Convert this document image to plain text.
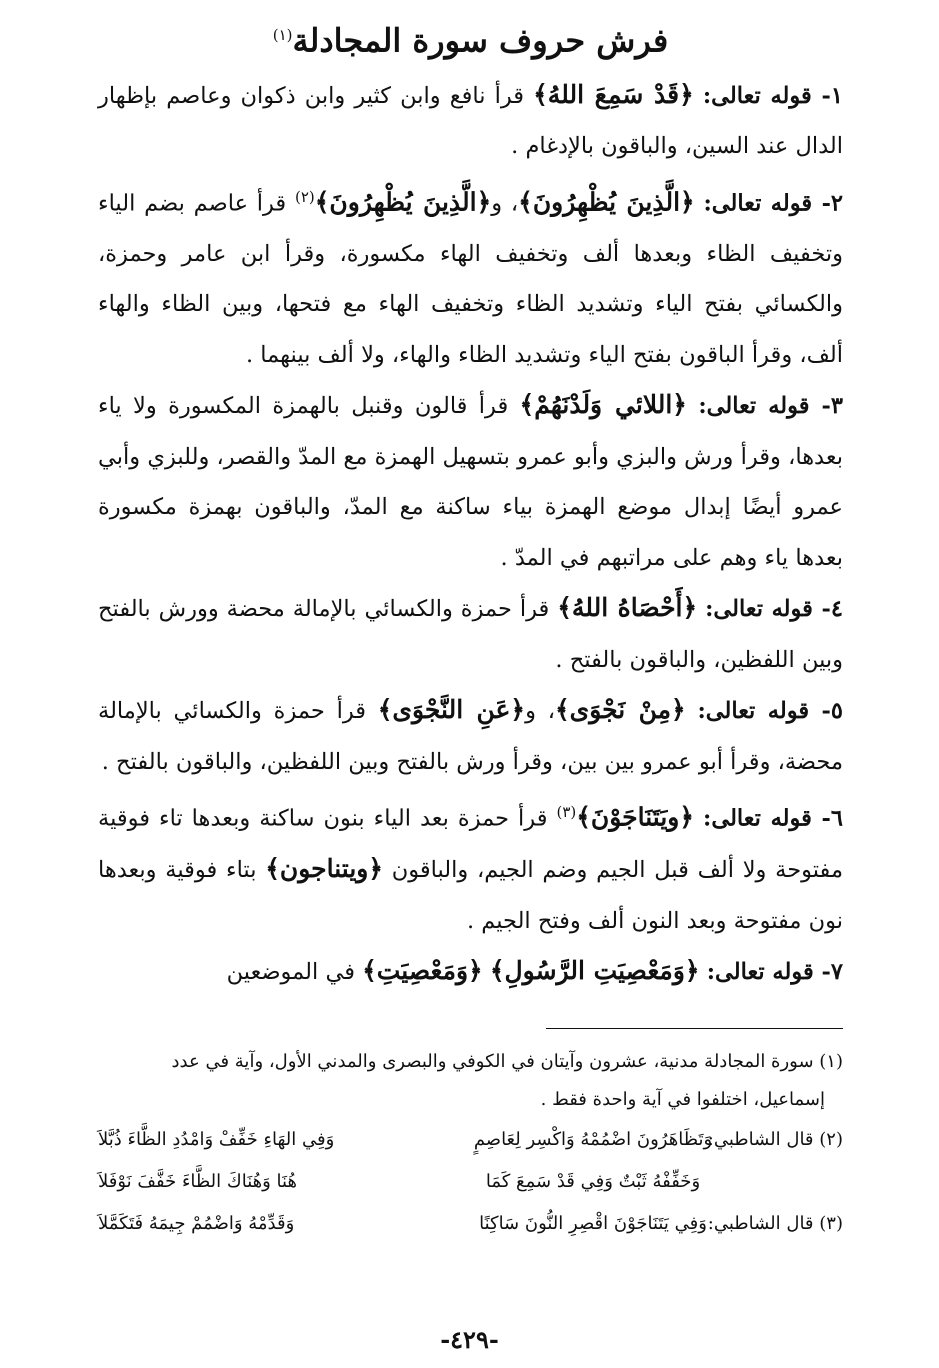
فرش حروف سورة المجادلة$^{(١)}$

١- قوله تعالى: ﴿قَدْ سَمِعَ اللهُ﴾ قرأ نافع وابن كثير وابن ذكوان وعاصم بإظهار الدال عند السين، والباقون بالإدغام .

٢- قوله تعالى: ﴿الَّذِينَ يُظْهِرُونَ﴾، و﴿الَّذِينَ يُظْهِرُونَ﴾$^{(٢)}$ قرأ عاصم بضم الياء وتخفيف الظاء وبعدها ألف وتخفيف الهاء مكسورة، وقرأ ابن عامر وحمزة، والكسائي بفتح الياء وتشديد الظاء وتخفيف الهاء مع فتحها، وبين الظاء والهاء ألف، وقرأ الباقون بفتح الياء وتشديد الظاء والهاء، ولا ألف بينهما .

٣- قوله تعالى: ﴿اللائي وَلَدْنَهُمْ﴾ قرأ قالون وقنبل بالهمزة المكسورة ولا ياء بعدها، وقرأ ورش والبزي وأبو عمرو بتسهيل الهمزة مع المدّ والقصر، وللبزي وأبي عمرو أيضًا إبدال موضع الهمزة بياء ساكنة مع المدّ، والباقون بهمزة مكسورة بعدها ياء وهم على مراتبهم في المدّ .

٤- قوله تعالى: ﴿أَحْصَاهُ اللهُ﴾ قرأ حمزة والكسائي بالإمالة محضة وورش بالفتح وبين اللفظين، والباقون بالفتح .

٥- قوله تعالى: ﴿مِنْ نَجْوَى﴾، و﴿عَنِ النَّجْوَى﴾ قرأ حمزة والكسائي بالإمالة محضة، وقرأ أبو عمرو بين بين، وقرأ ورش بالفتح وبين اللفظين، والباقون بالفتح .

٦- قوله تعالى: ﴿ويَتَنَاجَوْنَ﴾$^{(٣)}$ قرأ حمزة بعد الياء بنون ساكنة وبعدها تاء فوقية مفتوحة ولا ألف قبل الجيم وضم الجيم، والباقون ﴿ويتناجون﴾ بتاء فوقية وبعدها نون مفتوحة وبعد النون ألف وفتح الجيم .

٧- قوله تعالى: ﴿وَمَعْصِيَتِ الرَّسُولِ﴾ ﴿وَمَعْصِيَتِ﴾ في الموضعين

(١) سورة المجادلة مدنية، عشرون وآيتان في الكوفي والبصرى والمدني الأول، وآية في عدد

إسماعيل، اختلفوا في آية واحدة فقط .

(٢) قال الشاطبي:
وَتَظَاهَرُونَ اضْمُمْهُ وَاكْسِر لِعَاصِمٍ
وَفِي الهَاءِ خَفِّفْ وَامْدُدِ الظَّاءَ ذُبَّلاَ
وَخَفِّفْهُ ثَبْتٌ وَفِي قَدْ سَمِعَ كَمَا
هُنَا وَهُنَاكَ الظَّاءَ خَفَّفَ نَوْفَلاَ
(٣) قال الشاطبي:
وَفِي يَتَنَاجَوْنَ اقْصِرِ النُّونَ سَاكِنًا
وَقَدِّمْهُ وَاضْمُمْ جِيمَهُ فَتَكَمَّلاَ
-٤٢٩-
